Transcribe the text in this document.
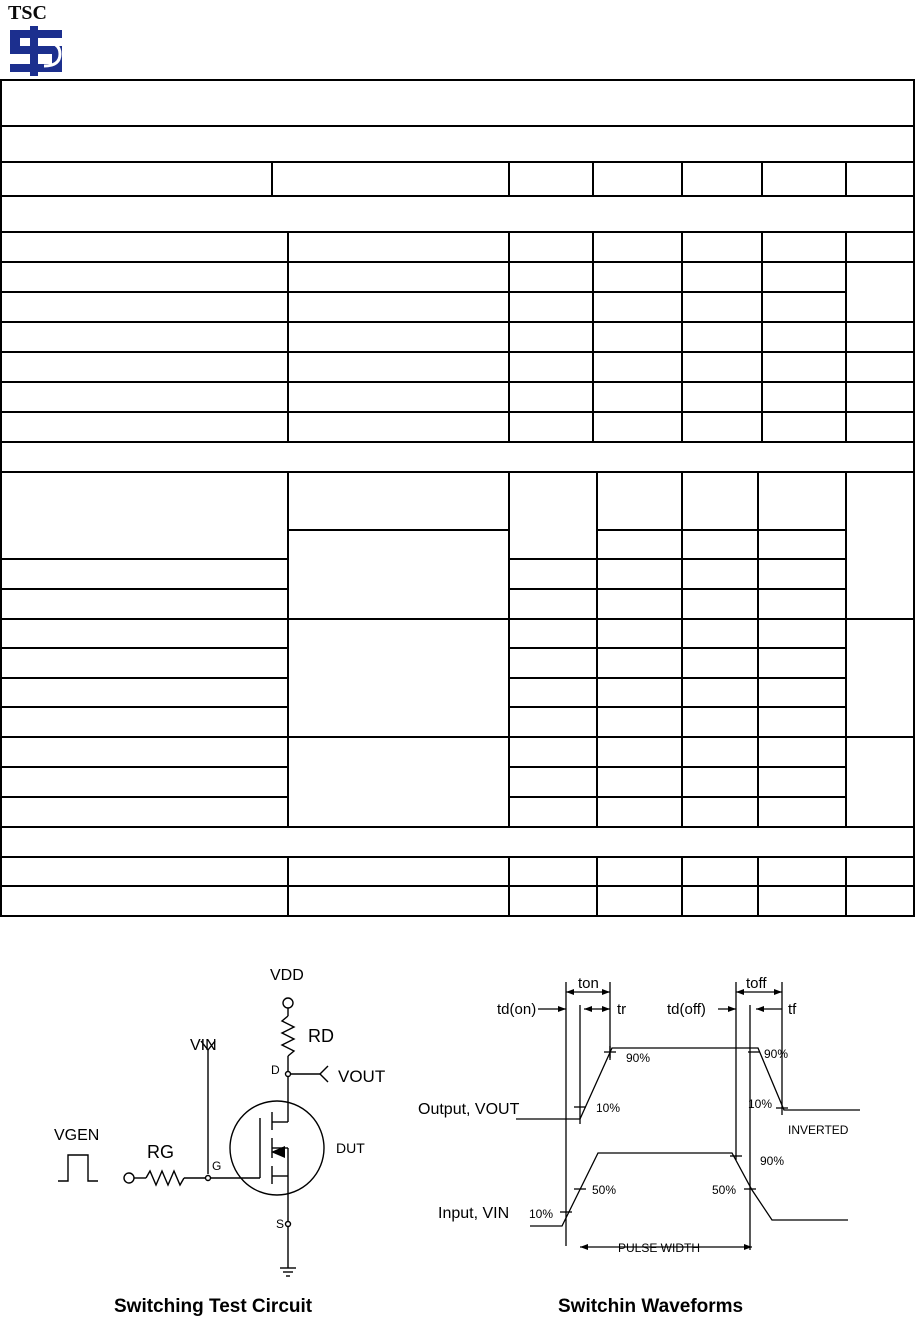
TSC
VDD
RD
VIN
VOUT
VGEN
RG
D
G
S
DUT
ton	toff
td(on)	tr	td(off)	tf
90%	90%
10%	10%
90%
50%	50%
10%
Output, VOUT
Input, VIN
INVERTED
PULSE WIDTH
Switching Test Circuit	Switchin Waveforms
